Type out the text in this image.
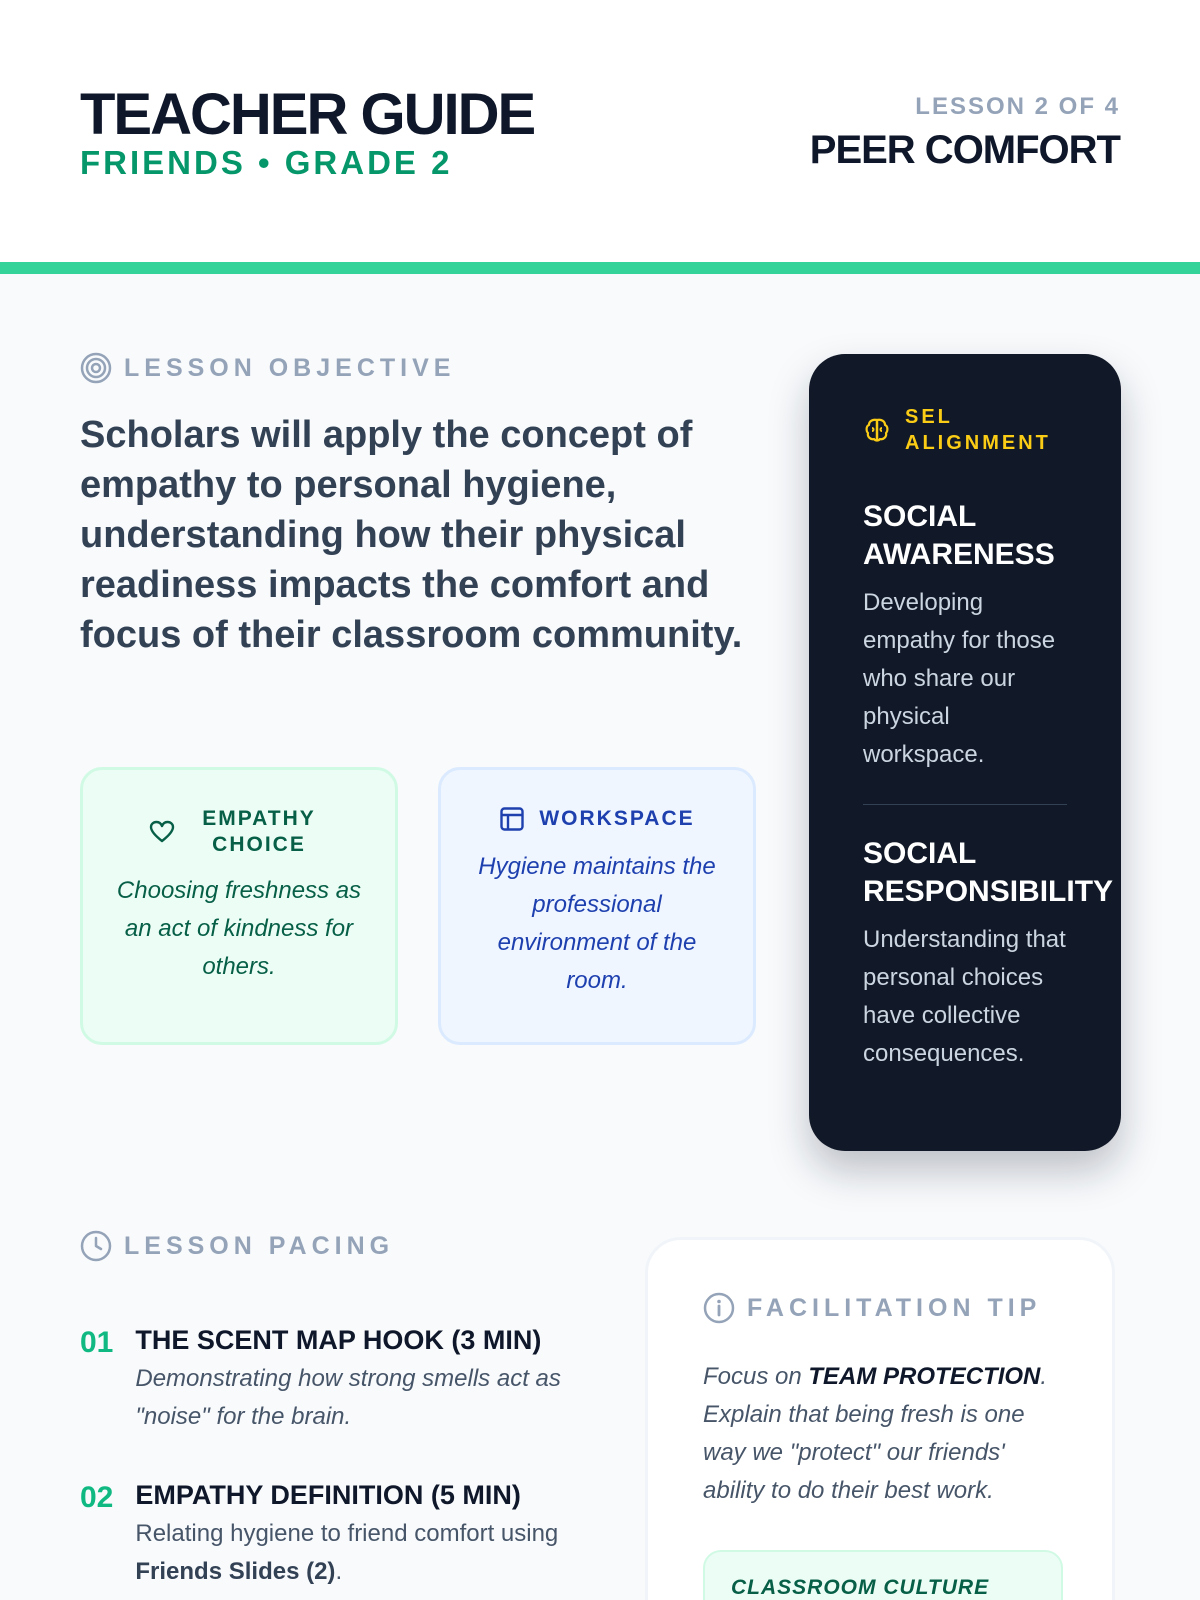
TEACHER GUIDE
FRIENDS • GRADE 2
LESSON 2 OF 4
PEER COMFORT
LESSON OBJECTIVE
Scholars will apply the concept of empathy to personal hygiene, understanding how their physical readiness impacts the comfort and focus of their classroom community.
EMPATHY CHOICE
Choosing freshness as an act of kindness for others.
WORKSPACE
Hygiene maintains the professional environment of the room.
SEL ALIGNMENT
SOCIAL AWARENESS
Developing empathy for those who share our physical workspace.
SOCIAL RESPONSIBILITY
Understanding that personal choices have collective consequences.
LESSON PACING
01 THE SCENT MAP HOOK (3 MIN)
Demonstrating how strong smells act as "noise" for the brain.
02 EMPATHY DEFINITION (5 MIN)
Relating hygiene to friend comfort using Friends Slides (2).
FACILITATION TIP
Focus on TEAM PROTECTION. Explain that being fresh is one way we "protect" our friends' ability to do their best work.
CLASSROOM CULTURE
